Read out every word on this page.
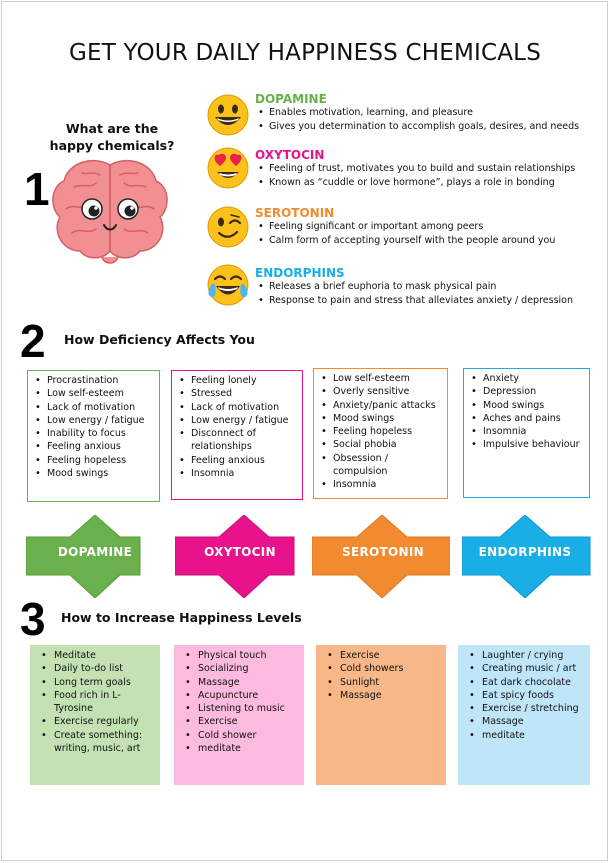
GET YOUR DAILY HAPPINESS CHEMICALS
1
What are the happy chemicals?
DOPAMINE
• Enables motivation, learning, and pleasure
• Gives you determination to accomplish goals, desires, and needs
OXYTOCIN
• Feeling of trust, motivates you to build and sustain relationships
• Known as “cuddle or love hormone”, plays a role in bonding
SEROTONIN
• Feeling significant or important among peers
• Calm form of accepting yourself with the people around you
ENDORPHINS
• Releases a brief euphoria to mask physical pain
• Response to pain and stress that alleviates anxiety / depression
2 How Deficiency Affects You
• Procrastination
• Low self-esteem
• Lack of motivation
• Low energy / fatigue
• Inability to focus
• Feeling anxious
• Feeling hopeless
• Mood swings
• Feeling lonely
• Stressed
• Lack of motivation
• Low energy / fatigue
• Disconnect of relationships
• Feeling anxious
• Insomnia
• Low self-esteem
• Overly sensitive
• Anxiety/panic attacks
• Mood swings
• Feeling hopeless
• Social phobia
• Obsession / compulsion
• Insomnia
• Anxiety
• Depression
• Mood swings
• Aches and pains
• Insomnia
• Impulsive behaviour
DOPAMINE	OXYTOCIN	SEROTONIN	ENDORPHINS
3 How to Increase Happiness Levels
• Meditate
• Daily to-do list
• Long term goals
• Food rich in L-Tyrosine
• Exercise regularly
• Create something: writing, music, art
• Physical touch
• Socializing
• Massage
• Acupuncture
• Listening to music
• Exercise
• Cold shower
• meditate
• Exercise
• Cold showers
• Sunlight
• Massage
• Laughter / crying
• Creating music / art
• Eat dark chocolate
• Eat spicy foods
• Exercise / stretching
• Massage
• meditate
